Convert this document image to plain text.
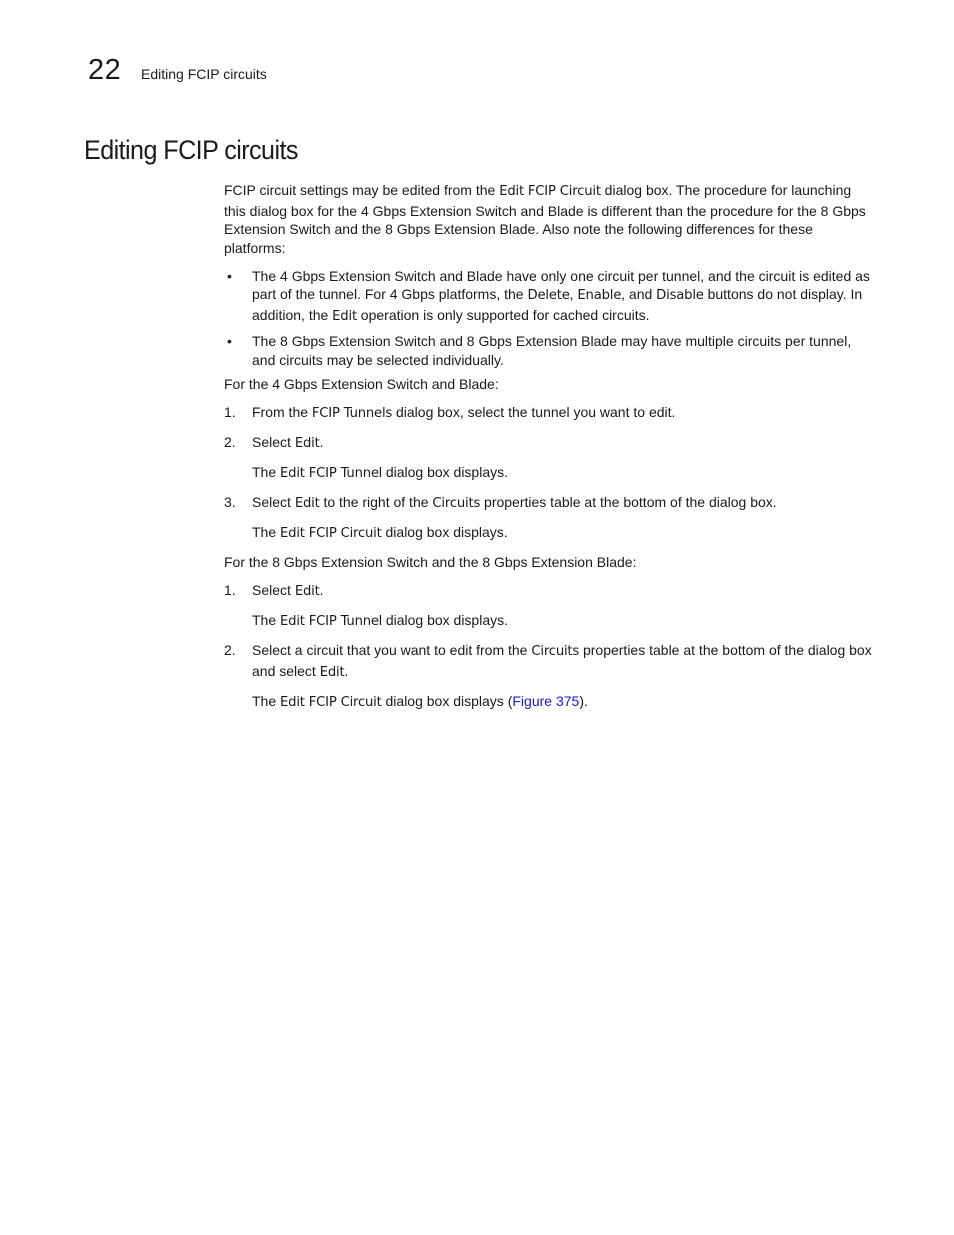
22 Editing FCIP circuits
Editing FCIP circuits

FCIP circuit settings may be edited from the Edit FCIP Circuit dialog box. The procedure for launching this dialog box for the 4 Gbps Extension Switch and Blade is different than the procedure for the 8 Gbps Extension Switch and the 8 Gbps Extension Blade. Also note the following differences for these platforms:

• The 4 Gbps Extension Switch and Blade have only one circuit per tunnel, and the circuit is edited as part of the tunnel. For 4 Gbps platforms, the Delete, Enable, and Disable buttons do not display. In addition, the Edit operation is only supported for cached circuits.

• The 8 Gbps Extension Switch and 8 Gbps Extension Blade may have multiple circuits per tunnel, and circuits may be selected individually.

For the 4 Gbps Extension Switch and Blade:

1. From the FCIP Tunnels dialog box, select the tunnel you want to edit.

2. Select Edit.

The Edit FCIP Tunnel dialog box displays.

3. Select Edit to the right of the Circuits properties table at the bottom of the dialog box.

The Edit FCIP Circuit dialog box displays.

For the 8 Gbps Extension Switch and the 8 Gbps Extension Blade:

1. Select Edit.

The Edit FCIP Tunnel dialog box displays.

2. Select a circuit that you want to edit from the Circuits properties table at the bottom of the dialog box and select Edit.

The Edit FCIP Circuit dialog box displays (Figure 375).
